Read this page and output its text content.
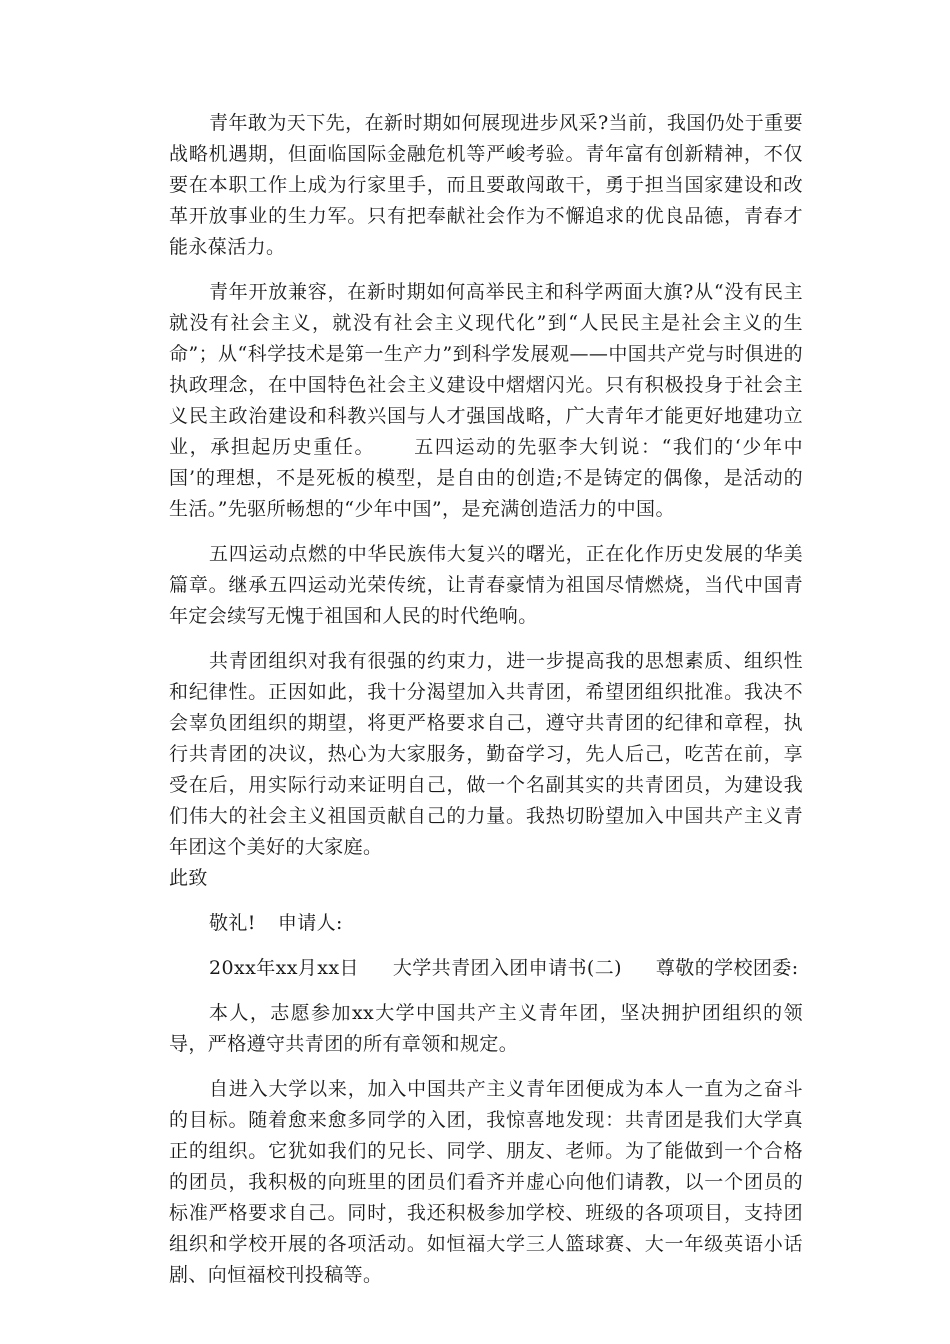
青年敢为天下先，在新时期如何展现进步风采?当前，我国仍处于重要战略机遇期，但面临国际金融危机等严峻考验。青年富有创新精神，不仅要在本职工作上成为行家里手，而且要敢闯敢干，勇于担当国家建设和改革开放事业的生力军。只有把奉献社会作为不懈追求的优良品德，青春才能永葆活力。

青年开放兼容，在新时期如何高举民主和科学两面大旗?从“没有民主就没有社会主义，就没有社会主义现代化”到“人民民主是社会主义的生命”；从“科学技术是第一生产力”到科学发展观——中国共产党与时俱进的执政理念，在中国特色社会主义建设中熠熠闪光。只有积极投身于社会主义民主政治建设和科教兴国与人才强国战略，广大青年才能更好地建功立业，承担起历史重任。 五四运动的先驱李大钊说：“我们的‘少年中国’的理想，不是死板的模型，是自由的创造;不是铸定的偶像，是活动的生活。”先驱所畅想的“少年中国”，是充满创造活力的中国。

五四运动点燃的中华民族伟大复兴的曙光，正在化作历史发展的华美篇章。继承五四运动光荣传统，让青春豪情为祖国尽情燃烧，当代中国青年定会续写无愧于祖国和人民的时代绝响。

共青团组织对我有很强的约束力，进一步提高我的思想素质、组织性和纪律性。正因如此，我十分渴望加入共青团，希望团组织批准。我决不会辜负团组织的期望，将更严格要求自己，遵守共青团的纪律和章程，执行共青团的决议，热心为大家服务，勤奋学习，先人后己，吃苦在前，享受在后，用实际行动来证明自己，做一个名副其实的共青团员，为建设我们伟大的社会主义祖国贡献自己的力量。我热切盼望加入中国共产主义青年团这个美好的大家庭。

此致

敬礼! 申请人:

20xx年xx月xx日 大学共青团入团申请书(二) 尊敬的学校团委:

本人，志愿参加xx大学中国共产主义青年团，坚决拥护团组织的领导，严格遵守共青团的所有章领和规定。

自进入大学以来，加入中国共产主义青年团便成为本人一直为之奋斗的目标。随着愈来愈多同学的入团，我惊喜地发现：共青团是我们大学真正的组织。它犹如我们的兄长、同学、朋友、老师。为了能做到一个合格的团员，我积极的向班里的团员们看齐并虚心向他们请教，以一个团员的标准严格要求自己。同时，我还积极参加学校、班级的各项项目，支持团组织和学校开展的各项活动。如恒福大学三人篮球赛、大一年级英语小话剧、向恒福校刊投稿等。
